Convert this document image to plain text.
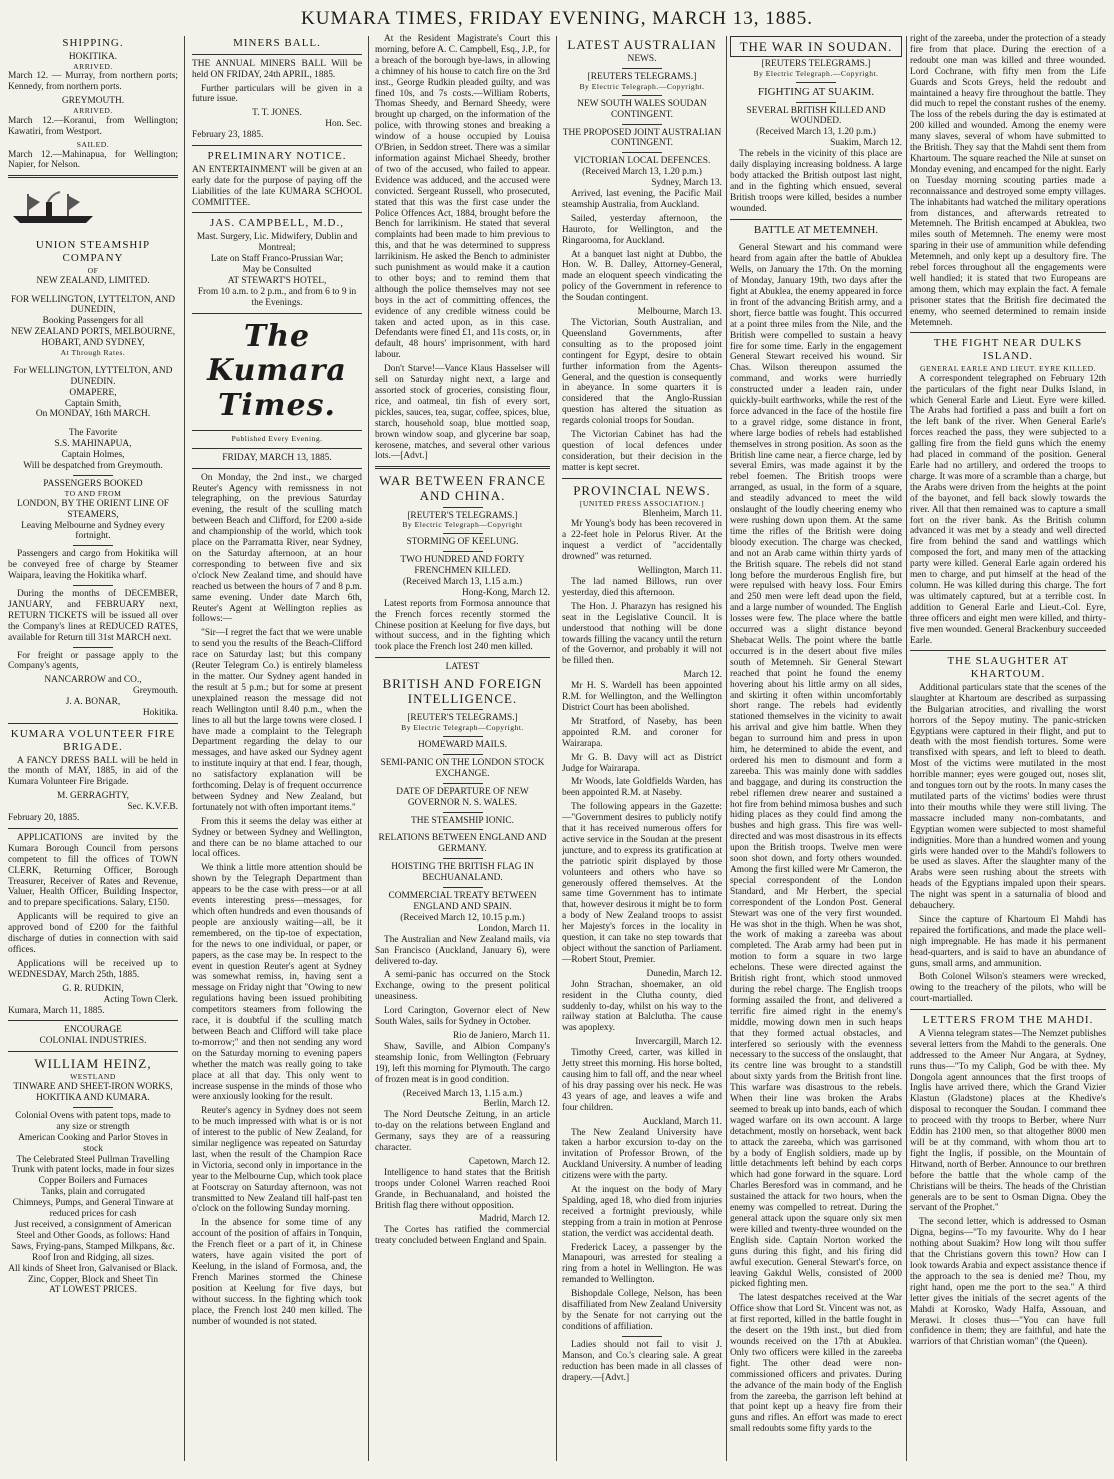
KUMARA TIMES, FRIDAY EVENING, MARCH 13, 1885.
SHIPPING.
HOKITIKA.
ARRIVED.

March 12. — Murray, from northern ports; Kennedy, from northern ports.

GREYMOUTH.
ARRIVED.

March 12.—Koranui, from Wellington; Kawatiri, from Westport.

SAILED.

March 12.—Mahinapua, for Wellington; Napier, for Nelson.

UNION STEAMSHIP COMPANY
OF
NEW ZEALAND, LIMITED.
FOR WELLINGTON, LYTTELTON, AND DUNEDIN,
Booking Passengers for all
NEW ZEALAND PORTS, MELBOURNE, HOBART, AND SYDNEY,
At Through Rates.
For WELLINGTON, LYTTELTON, AND DUNEDIN.
OMAPERE,
Captain Smith,
On MONDAY, 16th MARCH.
The Favorite
S.S. MAHINAPUA,
Captain Holmes,
Will be despatched from Greymouth.
PASSENGERS BOOKED
TO AND FROM
LONDON, BY THE ORIENT LINE OF STEAMERS,
Leaving Melbourne and Sydney every fortnight.

Passengers and cargo from Hokitika will be conveyed free of charge by Steamer Waipara, leaving the Hokitika wharf.

During the months of DECEMBER, JANUARY, and FEBRUARY next, RETURN TICKETS will be issued all over the Company's lines at REDUCED RATES, available for Return till 31st MARCH next.

For freight or passage apply to the Company's agents,

NANCARROW and CO.,
Greymouth.
J. A. BONAR,
Hokitika.
KUMARA VOLUNTEER FIRE BRIGADE.

A FANCY DRESS BALL will be held in the month of MAY, 1885, in aid of the Kumara Volunteer Fire Brigade.

M. GERRAGHTY,
Sec. K.V.F.B.
February 20, 1885.

APPLICATIONS are invited by the Kumara Borough Council from persons competent to fill the offices of TOWN CLERK, Returning Officer, Borough Treasurer, Receiver of Rates and Revenue, Valuer, Health Officer, Building Inspector, and to prepare specifications. Salary, £150.

Applicants will be required to give an approved bond of £200 for the faithful discharge of duties in connection with said offices.

Applications will be received up to WEDNESDAY, March 25th, 1885.

G. R. RUDKIN,
Acting Town Clerk.
Kumara, March 11, 1885.
ENCOURAGE
COLONIAL INDUSTRIES.
WILLIAM HEINZ,
WESTLAND
TINWARE AND SHEET-IRON WORKS,
HOKITIKA AND KUMARA.
Colonial Ovens with patent tops, made to any size or strength
American Cooking and Parlor Stoves in stock
The Celebrated Steel Pullman Travelling Trunk with patent locks, made in four sizes
Copper Boilers and Furnaces
Tanks, plain and corrugated
Chimneys, Pumps, and General Tinware at reduced prices for cash
Just received, a consignment of American Steel and Other Goods, as follows: Hand Saws, Frying-pans, Stamped Milkpans, &c.
Roof Iron and Ridging, all sizes.
All kinds of Sheet Iron, Galvanised or Black.
Zinc, Copper, Block and Sheet Tin
AT LOWEST PRICES.
MINERS BALL.

THE ANNUAL MINERS BALL Will be held ON FRIDAY, 24th APRIL, 1885.

Further particulars will be given in a future issue.

T. T. JONES.
Hon. Sec.
February 23, 1885.
PRELIMINARY NOTICE.

AN ENTERTAINMENT will be given at an early date for the purpose of paying off the Liabilities of the late KUMARA SCHOOL COMMITTEE.

JAS. CAMPBELL, M.D.,
Mast. Surgery, Lic. Midwifery, Dublin and Montreal;
Late on Staff Franco-Prussian War;
May be Consulted
AT STEWART'S HOTEL,
From 10 a.m. to 2 p.m., and from 6 to 9 in the Evenings.
The Kumara Times.
Published Every Evening.
FRIDAY, MARCH 13, 1885.

On Monday, the 2nd inst., we charged Reuter's Agency with remissness in not telegraphing, on the previous Saturday evening, the result of the sculling match between Beach and Clifford, for £200 a-side and championship of the world, which took place on the Parramatta River, near Sydney, on the Saturday afternoon, at an hour corresponding to between five and six o'clock New Zealand time, and should have reached us between the hours of 7 and 8 p.m. same evening. Under date March 6th, Reuter's Agent at Wellington replies as follows:—

"Sir—I regret the fact that we were unable to send you the results of the Beach-Clifford race on Saturday last; but this company (Reuter Telegram Co.) is entirely blameless in the matter. Our Sydney agent handed in the result at 5 p.m.; but for some at present unexplained reason the message did not reach Wellington until 8.40 p.m., when the lines to all but the large towns were closed. I have made a complaint to the Telegraph Department regarding the delay to our messages, and have asked our Sydney agent to institute inquiry at that end. I fear, though, no satisfactory explanation will be forthcoming. Delay is of frequent occurrence between Sydney and New Zealand, but fortunately not with often important items."

From this it seems the delay was either at Sydney or between Sydney and Wellington, and there can be no blame attached to our local offices.

We think a little more attention should be shown by the Telegraph Department than appears to be the case with press—or at all events interesting press—messages, for which often hundreds and even thousands of people are anxiously waiting—all, be it remembered, on the tip-toe of expectation, for the news to one individual, or paper, or papers, as the case may be. In respect to the event in question Reuter's agent at Sydney was somewhat remiss, in, having sent a message on Friday night that "Owing to new regulations having been issued prohibiting competitors steamers from following the race, it is doubtful if the sculling match between Beach and Clifford will take place to-morrow;" and then not sending any word on the Saturday morning to evening papers whether the match was really going to take place at all that day. This only went to increase suspense in the minds of those who were anxiously looking for the result.

Reuter's agency in Sydney does not seem to be much impressed with what is or is not of interest to the public of New Zealand, for similar negligence was repeated on Saturday last, when the result of the Champion Race in Victoria, second only in importance in the year to the Melbourne Cup, which took place at Footscray on Saturday afternoon, was not transmitted to New Zealand till half-past ten o'clock on the following Sunday morning.

In the absence for some time of any account of the position of affairs in Tonquin, the French fleet or a part of it, in Chinese waters, have again visited the port of Keelung, in the island of Formosa, and, the French Marines stormed the Chinese position at Keelung for five days, but without success. In the fighting which took place, the French lost 240 men killed. The number of wounded is not stated.

At the Resident Magistrate's Court this morning, before A. C. Campbell, Esq., J.P., for a breach of the borough bye-laws, in allowing a chimney of his house to catch fire on the 3rd inst., George Rudkin pleaded guilty, and was fined 10s, and 7s costs.—William Roberts, Thomas Sheedy, and Bernard Sheedy, were brought up charged, on the information of the police, with throwing stones and breaking a window of a house occupied by Louisa O'Brien, in Seddon street. There was a similar information against Michael Sheedy, brother of two of the accused, who failed to appear. Evidence was adduced, and the accused were convicted. Sergeant Russell, who prosecuted, stated that this was the first case under the Police Offences Act, 1884, brought before the Bench for larrikinism. He stated that several complaints had been made to him previous to this, and that he was determined to suppress larrikinism. He asked the Bench to administer such punishment as would make it a caution to other boys; and to remind them that although the police themselves may not see boys in the act of committing offences, the evidence of any credible witness could be taken and acted upon, as in this case. Defendants were fined £1, and 11s costs, or, in default, 48 hours' imprisonment, with hard labour.

Don't Starve!—Vance Klaus Hasselser will sell on Saturday night next, a large and assorted stock of groceries, consisting flour, rice, and oatmeal, tin fish of every sort, pickles, sauces, tea, sugar, coffee, spices, blue, starch, household soap, blue mottled soap, brown window soap, and glycerine bar soap, kerosene, matches, and several other various lots.—[Advt.]

WAR BETWEEN FRANCE AND CHINA.
[REUTER'S TELEGRAMS.]
By Electric Telegraph—Copyright
STORMING OF KEELUNG.
TWO HUNDRED AND FORTY FRENCHMEN KILLED.
(Received March 13, 1.15 a.m.)
Hong-Kong, March 12.

Latest reports from Formosa announce that the French forces recently stormed the Chinese position at Keelung for five days, but without success, and in the fighting which took place the French lost 240 men killed.

LATEST
BRITISH AND FOREIGN INTELLIGENCE.
[REUTER'S TELEGRAMS.]
By Electric Telegraph—Copyright.
HOMEWARD MAILS.
SEMI-PANIC ON THE LONDON STOCK EXCHANGE.
DATE OF DEPARTURE OF NEW GOVERNOR N. S. WALES.
THE STEAMSHIP IONIC.
RELATIONS BETWEEN ENGLAND AND GERMANY.
HOISTING THE BRITISH FLAG IN BECHUANALAND.
COMMERCIAL TREATY BETWEEN ENGLAND AND SPAIN.
(Received March 12, 10.15 p.m.)
London, March 11.

The Australian and New Zealand mails, via San Francisco (Auckland, January 6), were delivered to-day.

A semi-panic has occurred on the Stock Exchange, owing to the present political uneasiness.

Lord Carington, Governor elect of New South Wales, sails for Sydney in October.

Rio de Janiero, March 11.

Shaw, Saville, and Albion Company's steamship Ionic, from Wellington (February 19), left this morning for Plymouth. The cargo of frozen meat is in good condition.

(Received March 13, 1.15 a.m.)
Berlin, March 12.

The Nord Deutsche Zeitung, in an article to-day on the relations between England and Germany, says they are of a reassuring character.

Capetown, March 12.

Intelligence to hand states that the British troops under Colonel Warren reached Rooi Grande, in Bechuanaland, and hoisted the British flag there without opposition.

Madrid, March 12.

The Cortes has ratified the commercial treaty concluded between England and Spain.

LATEST AUSTRALIAN
NEWS.
[REUTERS TELEGRAMS.]
By Electric Telegraph.—Copyright.
NEW SOUTH WALES SOUDAN CONTINGENT.
THE PROPOSED JOINT AUSTRALIAN CONTINGENT.
VICTORIAN LOCAL DEFENCES.
(Received March 13, 1.20 p.m.)
Sydney, March 13.

Arrived, last evening, the Pacific Mail steamship Australia, from Auckland.

Sailed, yesterday afternoon, the Hauroto, for Wellington, and the Ringarooma, for Auckland.

At a banquet last night at Dubbo, the Hon. W. B. Dalley, Attorney-General, made an eloquent speech vindicating the policy of the Government in reference to the Soudan contingent.

Melbourne, March 13.

The Victorian, South Australian, and Queensland Governments, after consulting as to the proposed joint contingent for Egypt, desire to obtain further information from the Agents-General, and the question is consequently in abeyance. In some quarters it is considered that the Anglo-Russian question has altered the situation as regards colonial troops for Soudan.

The Victorian Cabinet has had the question of local defences under consideration, but their decision in the matter is kept secret.

PROVINCIAL NEWS.
[UNITED PRESS ASSOCIATION.]
Blenheim, March 11.

Mr Young's body has been recovered in a 22-feet hole in Pelorus River. At the inquest a verdict of "accidentally drowned" was returned.

Wellington, March 11.

The lad named Billows, run over yesterday, died this afternoon.

The Hon. J. Pharazyn has resigned his seat in the Legislative Council. It is understood that nothing will be done towards filling the vacancy until the return of the Governor, and probably it will not be filled then.

March 12.

Mr H. S. Wardell has been appointed R.M. for Wellington, and the Wellington District Court has been abolished.

Mr Stratford, of Naseby, has been appointed R.M. and coroner for Wairarapa.

Mr G. B. Davy will act as District Judge for Wairarapa.

Mr Woods, late Goldfields Warden, has been appointed R.M. at Naseby.

The following appears in the Gazette:—"Government desires to publicly notify that it has received numerous offers for active service in the Soudan at the present juncture, and to express its gratification at the patriotic spirit displayed by those volunteers and others who have so generously offered themselves. At the same time Government has to intimate that, however desirous it might be to form a body of New Zealand troops to assist her Majesty's forces in the locality in question, it can take no step towards that object without the sanction of Parliament.—Robert Stout, Premier.

Dunedin, March 12.

John Strachan, shoemaker, an old resident in the Clutha county, died suddenly to-day, whilst on his way to the railway station at Balclutha. The cause was apoplexy.

Invercargill, March 12.

Timothy Creed, carter, was killed in Jetty street this morning. His horse bolted, causing him to fall off, and the near wheel of his dray passing over his neck. He was 43 years of age, and leaves a wife and four children.

Auckland, March 11.

The New Zealand University have taken a harbor excursion to-day on the invitation of Professor Brown, of the Auckland University. A number of leading citizens were with the party.

At the inquest on the body of Mary Spalding, aged 18, who died from injuries received a fortnight previously, while stepping from a train in motion at Penrose station, the verdict was accidental death.

Frederick Lacey, a passenger by the Manapouri, was arrested for stealing a ring from a hotel in Wellington. He was remanded to Wellington.

Bishopdale College, Nelson, has been disaffiliated from New Zealand University by the Senate for not carrying out the conditions of affiliation.

Ladies should not fail to visit J. Manson, and Co.'s clearing sale. A great reduction has been made in all classes of drapery.—[Advt.]

THE WAR IN SOUDAN.
[REUTERS TELEGRAMS.]
By Electric Telegraph.—Copyright.
FIGHTING AT SUAKIM.
SEVERAL BRITISH KILLED AND WOUNDED.
(Received March 13, 1.20 p.m.)
Suakim, March 12.

The rebels in the vicinity of this place are daily displaying increasing boldness. A large body attacked the British outpost last night, and in the fighting which ensued, several British troops were killed, besides a number wounded.

BATTLE AT METEMNEH.

General Stewart and his command were heard from again after the battle of Abuklea Wells, on January the 17th. On the morning of Monday, January 19th, two days after the fight at Abuklea, the enemy appeared in force in front of the advancing British army, and a short, fierce battle was fought. This occurred at a point three miles from the Nile, and the British were compelled to sustain a heavy fire for some time. Early in the engagement General Stewart received his wound. Sir Chas. Wilson thereupon assumed the command, and works were hurriedly constructed under a leaden rain, under quickly-built earthworks, while the rest of the force advanced in the face of the hostile fire to a gravel ridge, some distance in front, where large bodies of rebels had established themselves in strong position. As soon as the British line came near, a fierce charge, led by several Emirs, was made against it by the rebel foemen. The British troops were arranged, as usual, in the form of a square, and steadily advanced to meet the wild onslaught of the loudly cheering enemy who were rushing down upon them. At the same time the rifles of the British were doing bloody execution. The charge was checked, and not an Arab came within thirty yards of the British square. The rebels did not stand long before the murderous English fire, but were repulsed with heavy loss. Four Emirs and 250 men were left dead upon the field, and a large number of wounded. The English losses were few. The place where the battle occurred was a slight distance beyond Shebacat Wells. The point where the battle occurred is in the desert about five miles south of Metemneh. Sir General Stewart reached that point he found the enemy hovering about his little army on all sides, and skirting it often within uncomfortably short range. The rebels had evidently stationed themselves in the vicinity to await his arrival and give him battle. When they began to surround him and press in upon him, he determined to abide the event, and ordered his men to dismount and form a zareeba. This was mainly done with saddles and baggage, and during its construction the rebel riflemen drew nearer and sustained a hot fire from behind mimosa bushes and such hiding places as they could find among the bushes and high grass. This fire was well-directed and was most disastrous in its effects upon the British troops. Twelve men were soon shot down, and forty others wounded. Among the first killed were Mr Cameron, the special correspondent of the London Standard, and Mr Herbert, the special correspondent of the London Post. General Stewart was one of the very first wounded. He was shot in the thigh. When he was shot, the work of making a zareeba was about completed. The Arab army had been put in motion to form a square in two large echelons. These were directed against the British right front, which stood unmoved during the rebel charge. The English troops forming assailed the front, and delivered a terrific fire aimed right in the enemy's middle, mowing down men in such heaps that they formed actual obstacles, and interfered so seriously with the evenness necessary to the success of the onslaught, that its centre line was brought to a standstill about sixty yards from the British front line. This warfare was disastrous to the rebels. When their line was broken the Arabs seemed to break up into bands, each of which waged warfare on its own account. A large detachment, mostly on horseback, went back to attack the zareeba, which was garrisoned by a body of English soldiers, made up by little detachments left behind by each corps which had gone forward in the square. Lord Charles Beresford was in command, and he sustained the attack for two hours, when the enemy was compelled to retreat. During the general attack upon the square only six men were killed and twenty-three wounded on the English side. Captain Norton worked the guns during this fight, and his firing did awful execution. General Stewart's force, on leaving Gakdul Wells, consisted of 2000 picked fighting men.

The latest despatches received at the War Office show that Lord St. Vincent was not, as at first reported, killed in the battle fought in the desert on the 19th inst., but died from wounds received on the 17th at Abuklea. Only two officers were killed in the zareeba fight. The other dead were non-commissioned officers and privates. During the advance of the main body of the English from the zareeba, the garrison left behind at that point kept up a heavy fire from their guns and rifles. An effort was made to erect small redoubts some fifty yards to the

right of the zareeba, under the protection of a steady fire from that place. During the erection of a redoubt one man was killed and three wounded. Lord Cochrane, with fifty men from the Life Guards and Scots Greys, held the redoubt and maintained a heavy fire throughout the battle. They did much to repel the constant rushes of the enemy. The loss of the rebels during the day is estimated at 200 killed and wounded. Among the enemy were many slaves, several of whom have submitted to the British. They say that the Mahdi sent them from Khartoum. The square reached the Nile at sunset on Monday evening, and encamped for the night. Early on Tuesday morning scouting parties made a reconnaissance and destroyed some empty villages. The inhabitants had watched the military operations from distances, and afterwards retreated to Metemneh. The British encamped at Abuklea, two miles south of Metemneh. The enemy were most sparing in their use of ammunition while defending Metemneh, and only kept up a desultory fire. The rebel forces throughout all the engagements were well handled; it is stated that two Europeans are among them, which may explain the fact. A female prisoner states that the British fire decimated the enemy, who seemed determined to remain inside Metemneh.

THE FIGHT NEAR DULKS ISLAND.
GENERAL EARLE AND LIEUT. EYRE KILLED.

A correspondent telegraphed on February 12th the particulars of the fight near Dulks Island, in which General Earle and Lieut. Eyre were killed. The Arabs had fortified a pass and built a fort on the left bank of the river. When General Earle's forces reached the pass, they were subjected to a galling fire from the field guns which the enemy had placed in command of the position. General Earle had no artillery, and ordered the troops to charge. It was more of a scramble than a charge, but the Arabs were driven from the heights at the point of the bayonet, and fell back slowly towards the river. All that then remained was to capture a small fort on the river bank. As the British column advanced it was met by a steady and well directed fire from behind the sand and wattlings which composed the fort, and many men of the attacking party were killed. General Earle again ordered his men to charge, and put himself at the head of the column. He was killed during this charge. The fort was ultimately captured, but at a terrible cost. In addition to General Earle and Lieut.-Col. Eyre, three officers and eight men were killed, and thirty-five men wounded. General Brackenbury succeeded Earle.

THE SLAUGHTER AT KHARTOUM.

Additional particulars state that the scenes of the slaughter at Khartoum are described as surpassing the Bulgarian atrocities, and rivalling the worst horrors of the Sepoy mutiny. The panic-stricken Egyptians were captured in their flight, and put to death with the most fiendish tortures. Some were transfixed with spears, and left to bleed to death. Most of the victims were mutilated in the most horrible manner; eyes were gouged out, noses slit, and tongues torn out by the roots. In many cases the mutilated parts of the victims' bodies were thrust into their mouths while they were still living. The massacre included many non-combatants, and Egyptian women were subjected to most shameful indignities. More than a hundred women and young girls were handed over to the Mahdi's followers to be used as slaves. After the slaughter many of the Arabs were seen rushing about the streets with heads of the Egyptians impaled upon their spears. The night was spent in a saturnalia of blood and debauchery.

Since the capture of Khartoum El Mahdi has repaired the fortifications, and made the place well-nigh impregnable. He has made it his permanent head-quarters, and is said to have an abundance of guns, small arms, and ammunition.

Both Colonel Wilson's steamers were wrecked, owing to the treachery of the pilots, who will be court-martialled.

LETTERS FROM THE MAHDI.

A Vienna telegram states—The Nemzet publishes several letters from the Mahdi to the generals. One addressed to the Ameer Nur Angara, at Sydney, runs thus—"To my Caliph, God be with thee. My Dongola agent announces that the first troops of Inglis have arrived there, which the Grand Vizier Klastun (Gladstone) places at the Khedive's disposal to reconquer the Soudan. I command thee to proceed with thy troops to Berber, where Nurr Eddin has 2100 men, so that altogether 8000 men will be at thy command, with whom thou art to fight the Inglis, if possible, on the Mountain of Hitwand, north of Berber. Announce to our brethren before the battle that the whole camp of the Christians will be theirs. The heads of the Christian generals are to be sent to Osman Digna. Obey the servant of the Prophet."

The second letter, which is addressed to Osman Digna, begins—"To my favourite. Why do I hear nothing about Suakim? How long wilt thou suffer that the Christians govern this town? How can I look towards Arabia and expect assistance thence if the approach to the sea is denied me? Thou, my right hand, open me the port to the sea." A third letter gives the initials of the secret agents of the Mahdi at Korosko, Wady Halfa, Assouan, and Merawi. It closes thus—"You can have full confidence in them; they are faithful, and hate the warriors of that Christian woman" (the Queen).
